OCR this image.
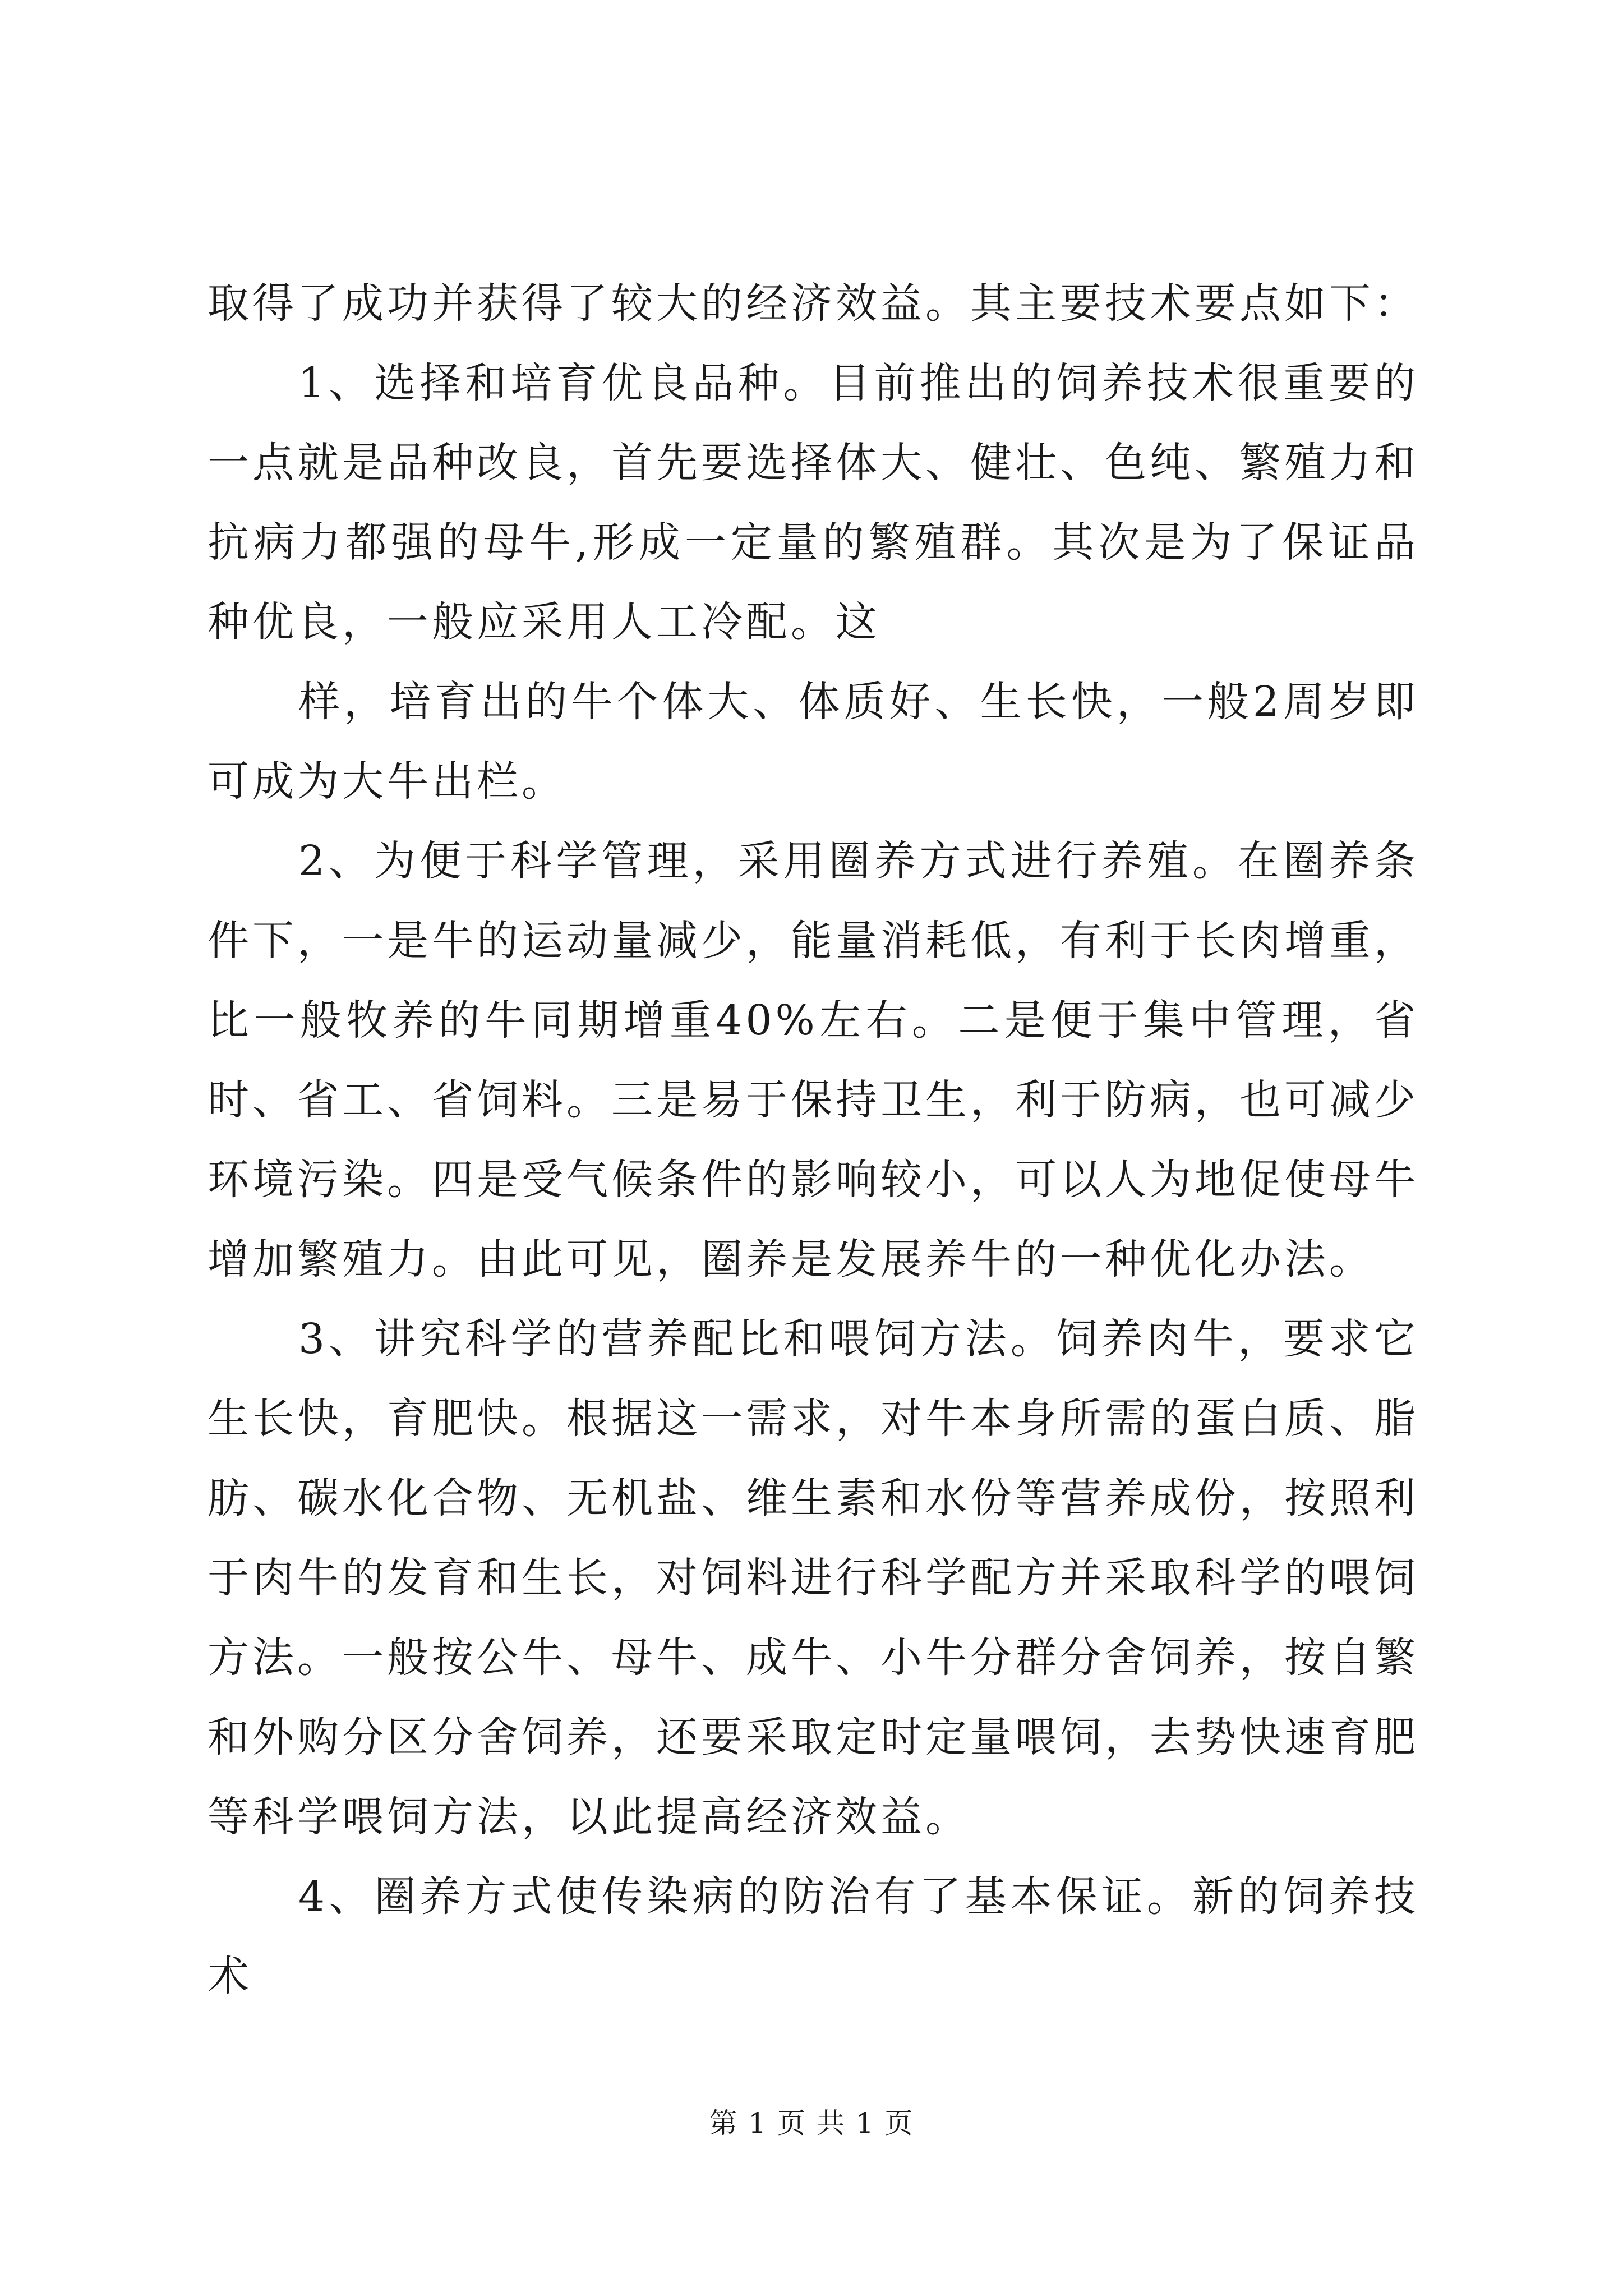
取得了成功并获得了较大的经济效益。其主要技术要点如下：

1、选择和培育优良品种。目前推出的饲养技术很重要的一点就是品种改良，首先要选择体大、健壮、色纯、繁殖力和抗病力都强的母牛,形成一定量的繁殖群。其次是为了保证品种优良，一般应采用人工冷配。这

样，培育出的牛个体大、体质好、生长快，一般2周岁即可成为大牛出栏。

2、为便于科学管理，采用圈养方式进行养殖。在圈养条件下，一是牛的运动量减少，能量消耗低，有利于长肉增重，比一般牧养的牛同期增重40%左右。二是便于集中管理，省时、省工、省饲料。三是易于保持卫生，利于防病，也可减少环境污染。四是受气候条件的影响较小，可以人为地促使母牛增加繁殖力。由此可见，圈养是发展养牛的一种优化办法。

3、讲究科学的营养配比和喂饲方法。饲养肉牛，要求它生长快，育肥快。根据这一需求，对牛本身所需的蛋白质、脂肪、碳水化合物、无机盐、维生素和水份等营养成份，按照利于肉牛的发育和生长，对饲料进行科学配方并采取科学的喂饲方法。一般按公牛、母牛、成牛、小牛分群分舍饲养，按自繁和外购分区分舍饲养，还要采取定时定量喂饲，去势快速育肥等科学喂饲方法，以此提高经济效益。

4、圈养方式使传染病的防治有了基本保证。新的饲养技术

第 1 页 共 1 页
